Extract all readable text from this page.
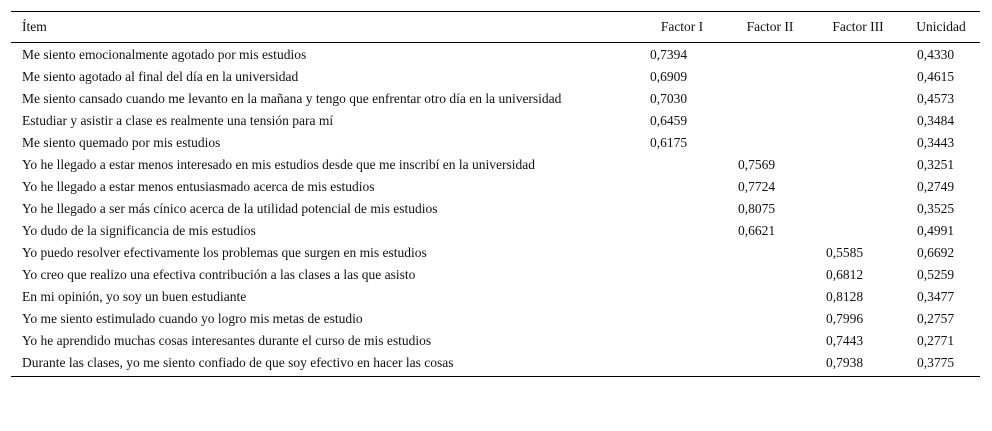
Ítem	Factor I	Factor II	Factor III	Unicidad

Me siento emocionalmente agotado por mis estudios	0,7394			0,4330
Me siento agotado al final del día en la universidad	0,6909			0,4615
Me siento cansado cuando me levanto en la mañana y tengo que enfrentar otro día en la universidad	0,7030			0,4573
Estudiar y asistir a clase es realmente una tensión para mí	0,6459			0,3484
Me siento quemado por mis estudios	0,6175			0,3443
Yo he llegado a estar menos interesado en mis estudios desde que me inscribí en la universidad		0,7569		0,3251
Yo he llegado a estar menos entusiasmado acerca de mis estudios		0,7724		0,2749
Yo he llegado a ser más cínico acerca de la utilidad potencial de mis estudios		0,8075		0,3525
Yo dudo de la significancia de mis estudios		0,6621		0,4991
Yo puedo resolver efectivamente los problemas que surgen en mis estudios			0,5585	0,6692
Yo creo que realizo una efectiva contribución a las clases a las que asisto			0,6812	0,5259
En mi opinión, yo soy un buen estudiante			0,8128	0,3477
Yo me siento estimulado cuando yo logro mis metas de estudio			0,7996	0,2757
Yo he aprendido muchas cosas interesantes durante el curso de mis estudios			0,7443	0,2771
Durante las clases, yo me siento confiado de que soy efectivo en hacer las cosas			0,7938	0,3775
